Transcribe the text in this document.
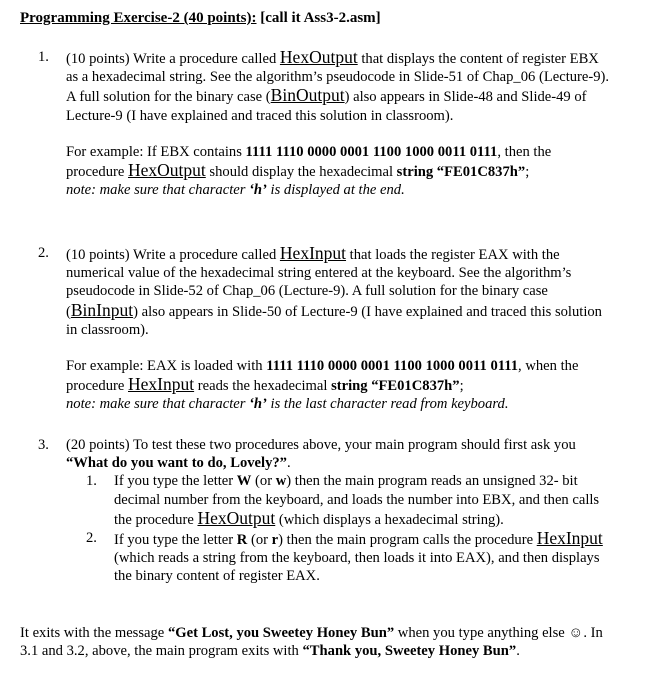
Programming Exercise-2 (40 points): [call it Ass3-2.asm]
1.	(10 points) Write a procedure called HexOutput that displays the content of register EBX as a hexadecimal string. See the algorithm’s pseudocode in Slide-51 of Chap_06 (Lecture-9). A full solution for the binary case (BinOutput) also appears in Slide-48 and Slide-49 of Lecture-9 (I have explained and traced this solution in classroom).

For example: If EBX contains 1111 1110 0000 0001 1100 1000 0011 0111, then the procedure HexOutput should display the hexadecimal string “FE01C837h”;
note: make sure that character ‘h’ is displayed at the end.

2.	(10 points) Write a procedure called HexInput that loads the register EAX with the numerical value of the hexadecimal string entered at the keyboard. See the algorithm’s pseudocode in Slide-52 of Chap_06 (Lecture-9). A full solution for the binary case (BinInput) also appears in Slide-50 of Lecture-9 (I have explained and traced this solution in classroom).

For example: EAX is loaded with 1111 1110 0000 0001 1100 1000 0011 0111, when the procedure HexInput reads the hexadecimal string “FE01C837h”;
note: make sure that character ‘h’ is the last character read from keyboard.

3.	(20 points) To test these two procedures above, your main program should first ask you “What do you want to do, Lovely?”.

1. If you type the letter W (or w) then the main program reads an unsigned 32- bit decimal number from the keyboard, and loads the number into EBX, and then calls the procedure HexOutput (which displays a hexadecimal string).
2. If you type the letter R (or r) then the main program calls the procedure HexInput (which reads a string from the keyboard, then loads it into EAX), and then displays the binary content of register EAX.

It exits with the message “Get Lost, you Sweetey Honey Bun” when you type anything else ☺. In 3.1 and 3.2, above, the main program exits with “Thank you, Sweetey Honey Bun”.
